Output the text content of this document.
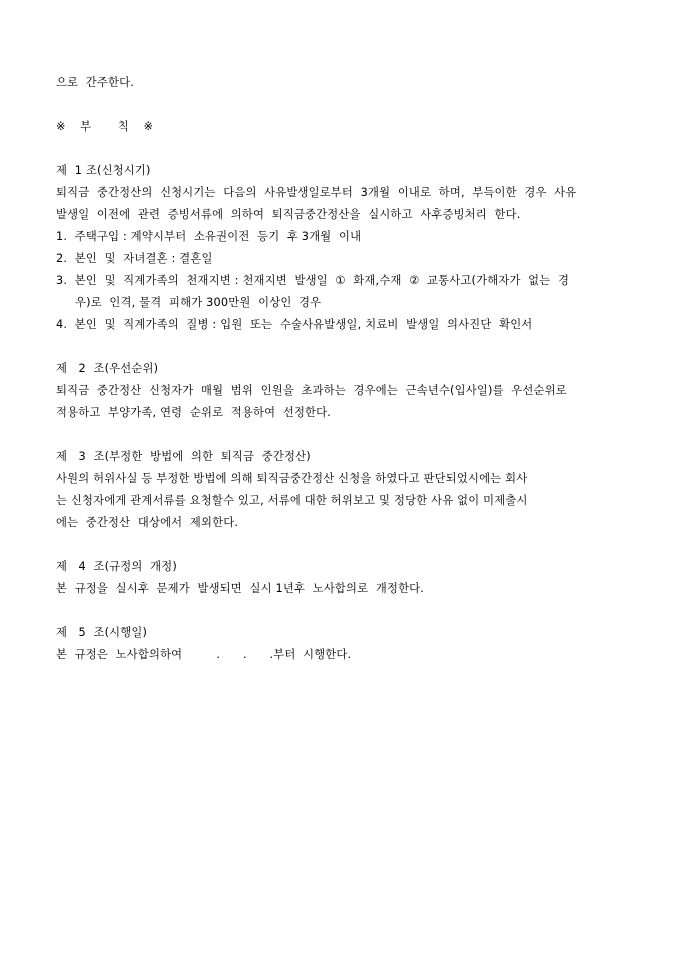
으로  간주한다.

※  부    칙  ※

제  1 조(신청시기)

퇴직금  중간정산의  신청시기는  다음의  사유발생일로부터  3개월  이내로  하며,  부득이한  경우  사유

발생일  이전에  관련  증빙서류에  의하여  퇴직금중간정산을  실시하고  사후증빙처리  한다.

1.  주택구입 : 계약시부터  소유권이전  등기  후 3개월  이내

2.  본인  및  자녀결혼 : 결혼일

3.  본인  및  직계가족의  천재지변 : 천재지변  발생일  ①  화재,수재  ②  교통사고(가해자가  없는  경

우)로  인격, 물격  피해가 300만원  이상인  경우

4.  본인  및  직계가족의  질병 : 입원  또는  수술사유발생일, 치료비  발생일  의사진단  확인서

제   2  조(우선순위)

퇴직금  중간정산  신청자가  매월  범위  인원을  초과하는  경우에는  근속년수(입사일)를  우선순위로

적용하고  부양가족, 연령  순위로  적용하여  선정한다.

제   3  조(부정한  방법에  의한  퇴직금  중간정산)

사원의 허위사실 등 부정한 방법에 의해 퇴직금중간정산 신청을 하였다고 판단되었시에는 회사

는 신청자에게 관계서류를 요청할수 있고, 서류에 대한 허위보고 및 정당한 사유 없이 미제출시

에는  중간정산  대상에서  제외한다.

제   4  조(규정의  개정)

본  규정을  실시후  문제가  발생되면  실시 1년후  노사합의로  개정한다.

제   5  조(시행일)

본  규정은  노사합의하여         .      .      .부터  시행한다.
